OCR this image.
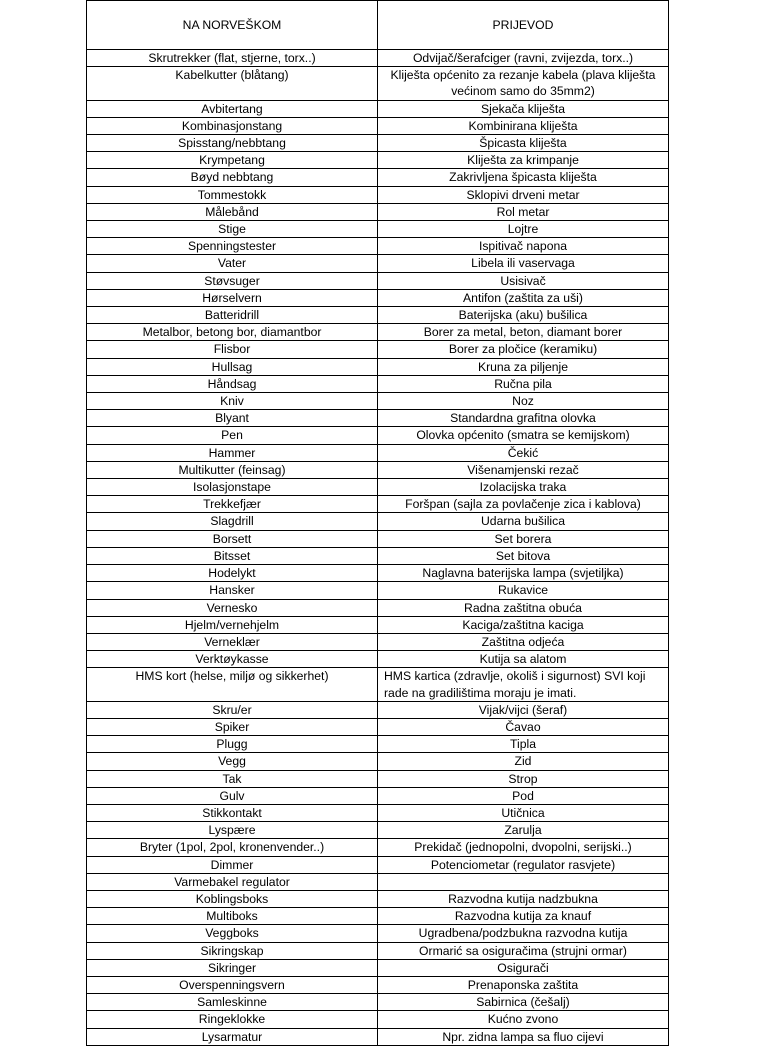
NA NORVEŠKOM	PRIJEVOD
Skrutrekker (flat, stjerne, torx..)	Odvijač/šerafciger (ravni, zvijezda, torx..)
Kabelkutter (blåtang)	Kliješta općenito za rezanje kabela (plava kliješta većinom samo do 35mm2)
Avbitertang	Sjekača kliješta
Kombinasjonstang	Kombinirana kliješta
Spisstang/nebbtang	Špicasta kliješta
Krympetang	Kliješta za krimpanje
Bøyd nebbtang	Zakrivljena špicasta kliješta
Tommestokk	Sklopivi drveni metar
Målebånd	Rol metar
Stige	Lojtre
Spenningstester	Ispitivač napona
Vater	Libela ili vaservaga
Støvsuger	Usisivač
Hørselvern	Antifon (zaštita za uši)
Batteridrill	Baterijska (aku) bušilica
Metalbor, betong bor, diamantbor	Borer za metal, beton, diamant borer
Flisbor	Borer za pločice (keramiku)
Hullsag	Kruna za piljenje
Håndsag	Ručna pila
Kniv	Noz
Blyant	Standardna grafitna olovka
Pen	Olovka općenito (smatra se kemijskom)
Hammer	Čekić
Multikutter (feinsag)	Višenamjenski rezač
Isolasjonstape	Izolacijska traka
Trekkefjær	Foršpan (sajla za povlačenje zica i kablova)
Slagdrill	Udarna bušilica
Borsett	Set borera
Bitsset	Set bitova
Hodelykt	Naglavna baterijska lampa (svjetiljka)
Hansker	Rukavice
Vernesko	Radna zaštitna obuća
Hjelm/vernehjelm	Kaciga/zaštitna kaciga
Verneklær	Zaštitna odjeća
Verktøykasse	Kutija sa alatom
HMS kort (helse, miljø og sikkerhet)	HMS kartica (zdravlje, okoliš i sigurnost) SVI koji rade na gradilištima moraju je imati.
Skru/er	Vijak/vijci (šeraf)
Spiker	Čavao
Plugg	Tipla
Vegg	Zid
Tak	Strop
Gulv	Pod
Stikkontakt	Utičnica
Lyspære	Zarulja
Bryter (1pol, 2pol, kronenvender..)	Prekidač (jednopolni, dvopolni, serijski..)
Dimmer	Potenciometar (regulator rasvjete)
Varmebakel regulator	
Koblingsboks	Razvodna kutija nadzbukna
Multiboks	Razvodna kutija za knauf
Veggboks	Ugradbena/podzbukna razvodna kutija
Sikringskap	Ormarić sa osiguračima (strujni ormar)
Sikringer	Osigurači
Overspenningsvern	Prenaponska zaštita
Samleskinne	Sabirnica (češalj)
Ringeklokke	Kućno zvono
Lysarmatur	Npr. zidna lampa sa fluo cijevi
